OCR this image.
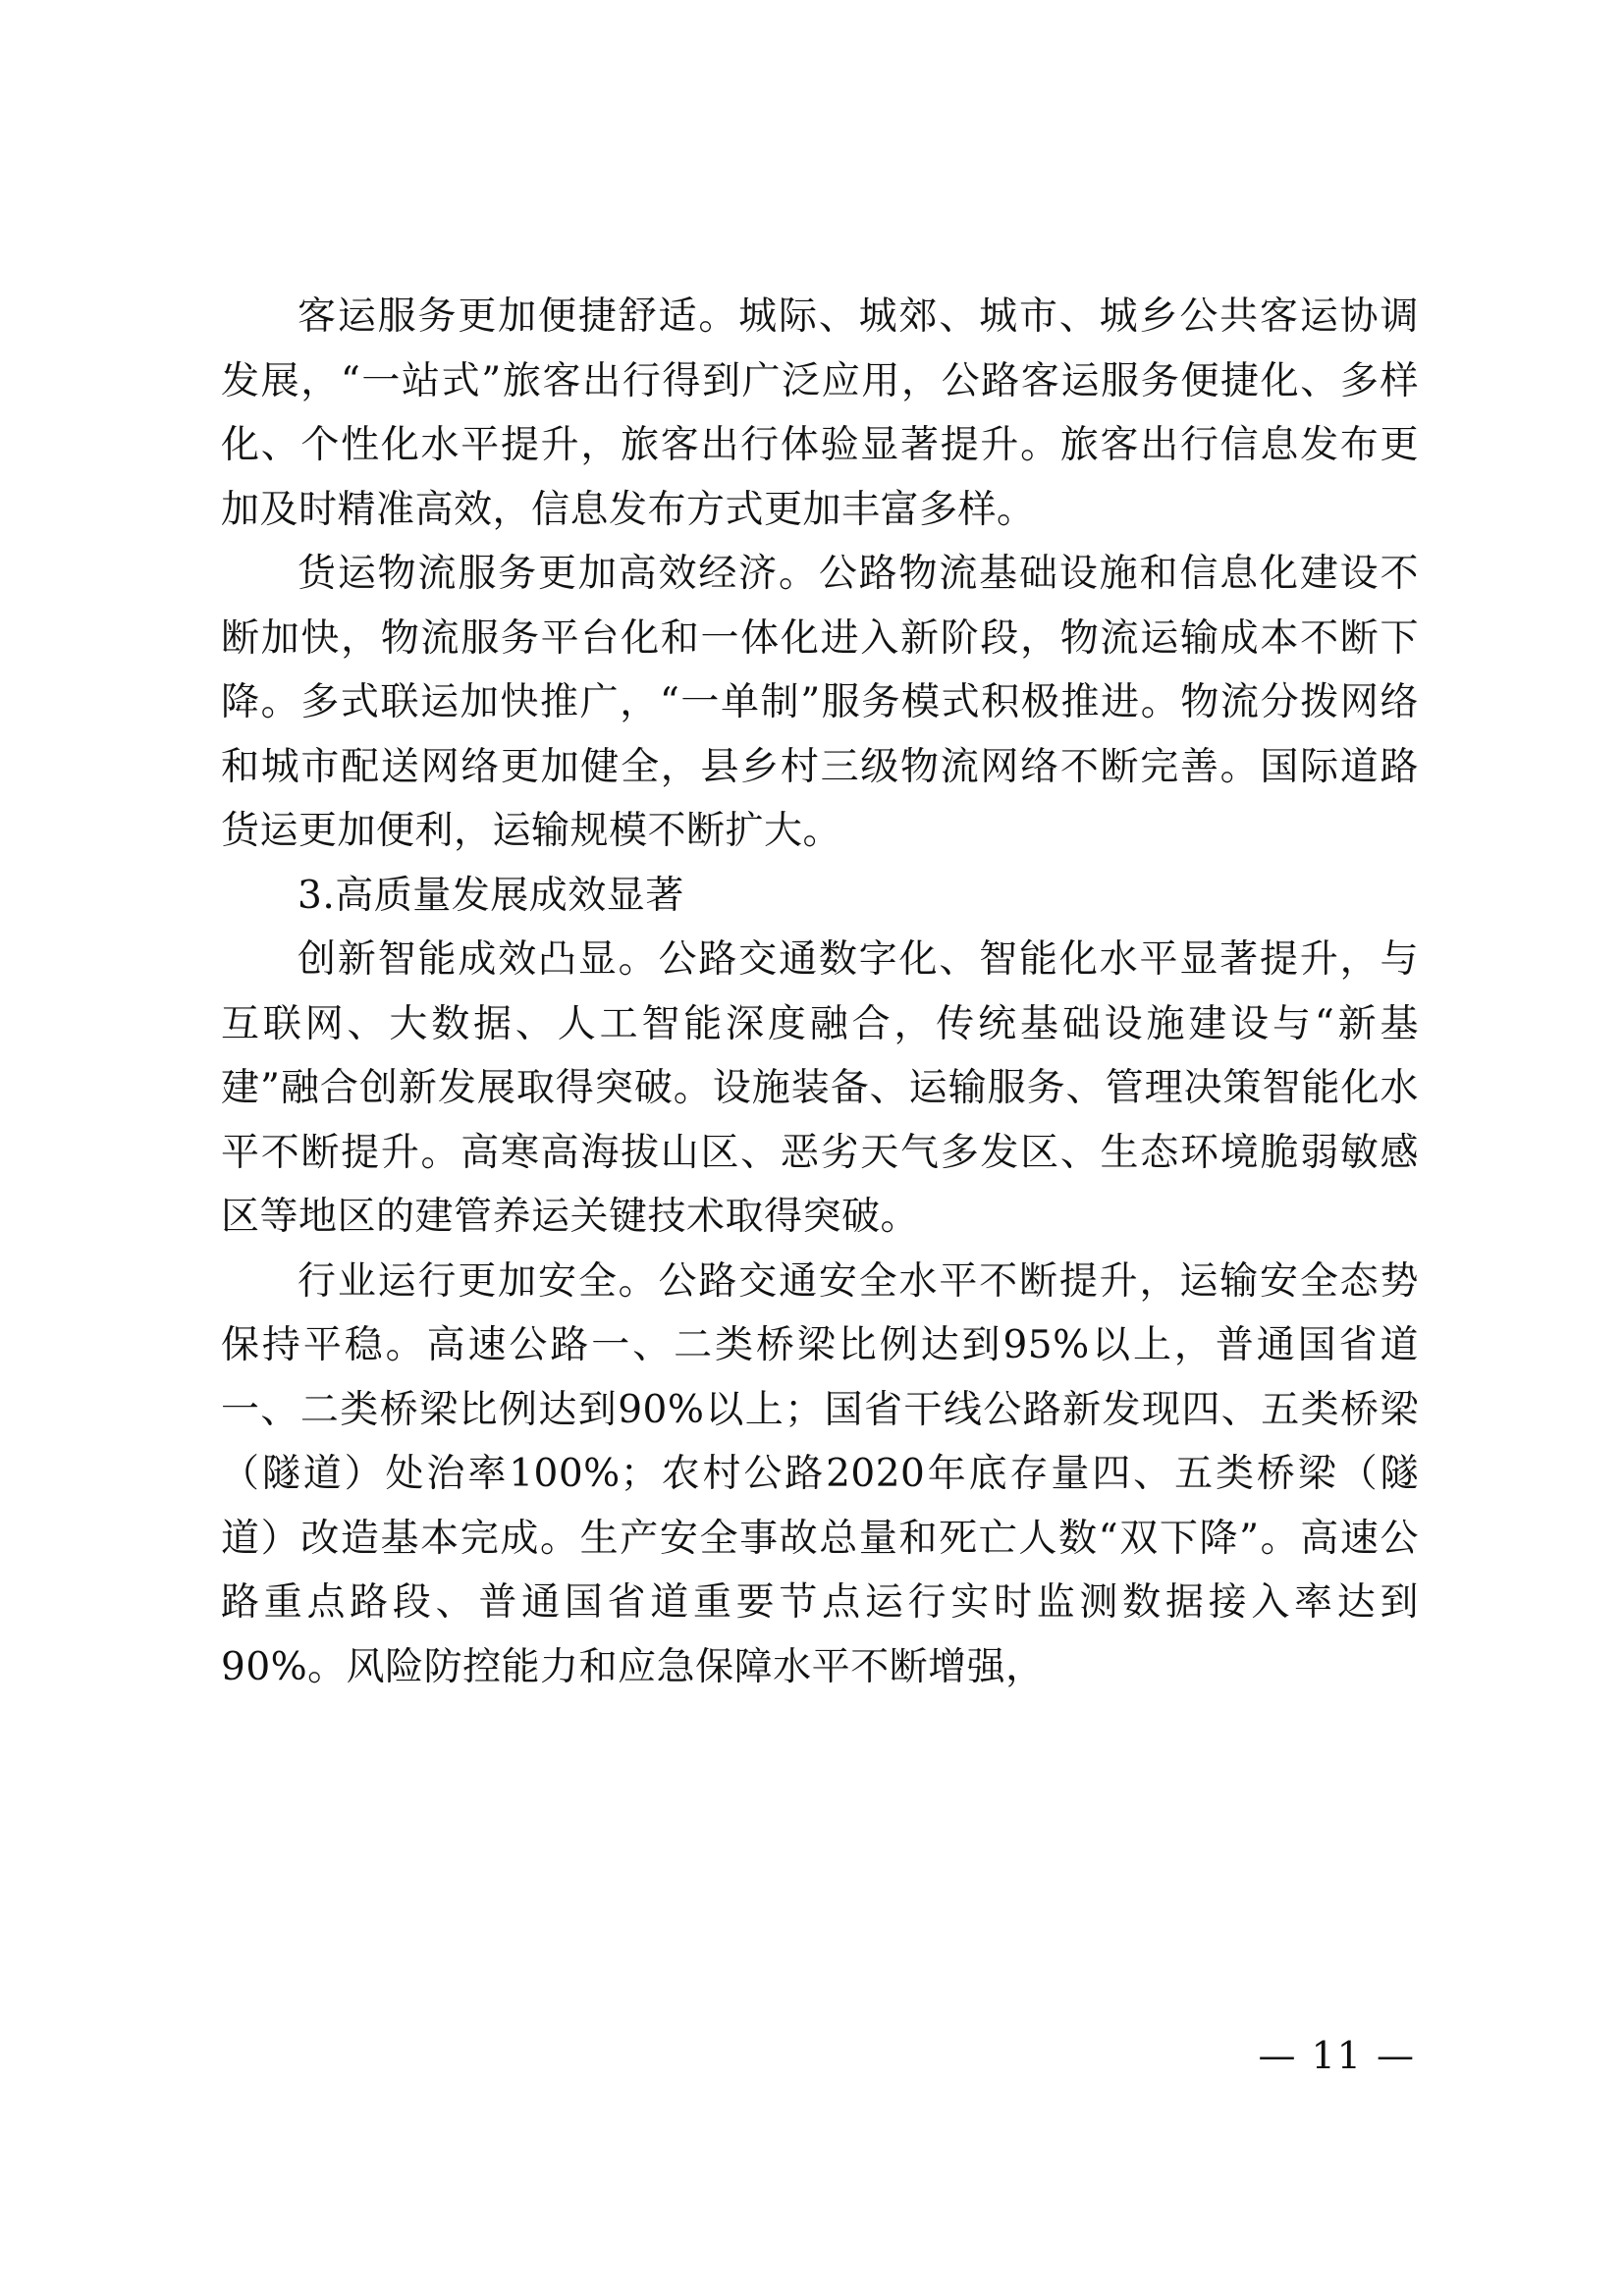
客运服务更加便捷舒适。城际、城郊、城市、城乡公共客运协调发展，“一站式”旅客出行得到广泛应用，公路客运服务便捷化、多样化、个性化水平提升，旅客出行体验显著提升。旅客出行信息发布更加及时精准高效，信息发布方式更加丰富多样。

货运物流服务更加高效经济。公路物流基础设施和信息化建设不断加快，物流服务平台化和一体化进入新阶段，物流运输成本不断下降。多式联运加快推广，“一单制”服务模式积极推进。物流分拨网络和城市配送网络更加健全，县乡村三级物流网络不断完善。国际道路货运更加便利，运输规模不断扩大。

3.高质量发展成效显著

创新智能成效凸显。公路交通数字化、智能化水平显著提升，与互联网、大数据、人工智能深度融合，传统基础设施建设与“新基建”融合创新发展取得突破。设施装备、运输服务、管理决策智能化水平不断提升。高寒高海拔山区、恶劣天气多发区、生态环境脆弱敏感区等地区的建管养运关键技术取得突破。

行业运行更加安全。公路交通安全水平不断提升，运输安全态势保持平稳。高速公路一、二类桥梁比例达到95%以上，普通国省道一、二类桥梁比例达到90%以上；国省干线公路新发现四、五类桥梁（隧道）处治率100%；农村公路2020年底存量四、五类桥梁（隧道）改造基本完成。生产安全事故总量和死亡人数“双下降”。高速公路重点路段、普通国省道重要节点运行实时监测数据接入率达到90%。风险防控能力和应急保障水平不断增强，

— 11 —
